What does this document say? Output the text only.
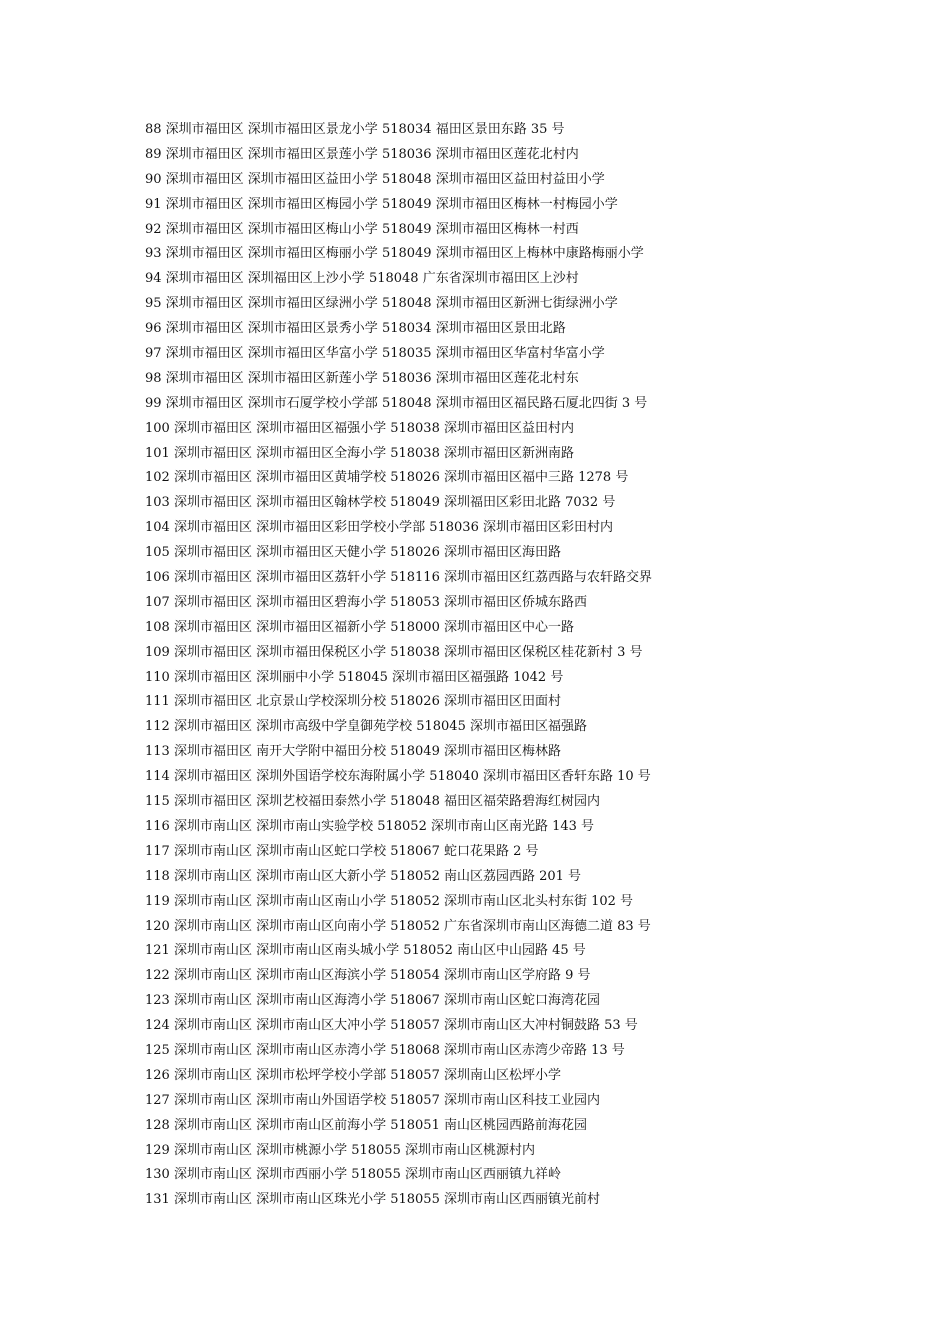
88 深圳市福田区 深圳市福田区景龙小学 518034 福田区景田东路 35 号
89 深圳市福田区 深圳市福田区景莲小学 518036 深圳市福田区莲花北村内
90 深圳市福田区 深圳市福田区益田小学 518048 深圳市福田区益田村益田小学
91 深圳市福田区 深圳市福田区梅园小学 518049 深圳市福田区梅林一村梅园小学
92 深圳市福田区 深圳市福田区梅山小学 518049 深圳市福田区梅林一村西
93 深圳市福田区 深圳市福田区梅丽小学 518049 深圳市福田区上梅林中康路梅丽小学
94 深圳市福田区 深圳福田区上沙小学 518048 广东省深圳市福田区上沙村
95 深圳市福田区 深圳市福田区绿洲小学 518048 深圳市福田区新洲七街绿洲小学
96 深圳市福田区 深圳市福田区景秀小学 518034 深圳市福田区景田北路
97 深圳市福田区 深圳市福田区华富小学 518035 深圳市福田区华富村华富小学
98 深圳市福田区 深圳市福田区新莲小学 518036 深圳市福田区莲花北村东
99 深圳市福田区 深圳市石厦学校小学部 518048 深圳市福田区福民路石厦北四街 3 号
100 深圳市福田区 深圳市福田区福强小学 518038 深圳市福田区益田村内
101 深圳市福田区 深圳市福田区全海小学 518038 深圳市福田区新洲南路
102 深圳市福田区 深圳市福田区黄埔学校 518026 深圳市福田区福中三路 1278 号
103 深圳市福田区 深圳市福田区翰林学校 518049 深圳福田区彩田北路 7032 号
104 深圳市福田区 深圳市福田区彩田学校小学部 518036 深圳市福田区彩田村内
105 深圳市福田区 深圳市福田区天健小学 518026 深圳市福田区海田路
106 深圳市福田区 深圳市福田区荔轩小学 518116 深圳市福田区红荔西路与农轩路交界
107 深圳市福田区 深圳市福田区碧海小学 518053 深圳市福田区侨城东路西
108 深圳市福田区 深圳市福田区福新小学 518000 深圳市福田区中心一路
109 深圳市福田区 深圳市福田保税区小学 518038 深圳市福田区保税区桂花新村 3 号
110 深圳市福田区 深圳丽中小学 518045 深圳市福田区福强路 1042 号
111 深圳市福田区 北京景山学校深圳分校 518026 深圳市福田区田面村
112 深圳市福田区 深圳市高级中学皇御苑学校 518045 深圳市福田区福强路
113 深圳市福田区 南开大学附中福田分校 518049 深圳市福田区梅林路
114 深圳市福田区 深圳外国语学校东海附属小学 518040 深圳市福田区香轩东路 10 号
115 深圳市福田区 深圳艺校福田泰然小学 518048 福田区福荣路碧海红树园内
116 深圳市南山区 深圳市南山实验学校 518052 深圳市南山区南光路 143 号
117 深圳市南山区 深圳市南山区蛇口学校 518067 蛇口花果路 2 号
118 深圳市南山区 深圳市南山区大新小学 518052 南山区荔园西路 201 号
119 深圳市南山区 深圳市南山区南山小学 518052 深圳市南山区北头村东街 102 号
120 深圳市南山区 深圳市南山区向南小学 518052 广东省深圳市南山区海德二道 83 号
121 深圳市南山区 深圳市南山区南头城小学 518052 南山区中山园路 45 号
122 深圳市南山区 深圳市南山区海滨小学 518054 深圳市南山区学府路 9 号
123 深圳市南山区 深圳市南山区海湾小学 518067 深圳市南山区蛇口海湾花园
124 深圳市南山区 深圳市南山区大冲小学 518057 深圳市南山区大冲村铜鼓路 53 号
125 深圳市南山区 深圳市南山区赤湾小学 518068 深圳市南山区赤湾少帝路 13 号
126 深圳市南山区 深圳市松坪学校小学部 518057 深圳南山区松坪小学
127 深圳市南山区 深圳市南山外国语学校 518057 深圳市南山区科技工业园内
128 深圳市南山区 深圳市南山区前海小学 518051 南山区桃园西路前海花园
129 深圳市南山区 深圳市桃源小学 518055 深圳市南山区桃源村内
130 深圳市南山区 深圳市西丽小学 518055 深圳市南山区西丽镇九祥岭
131 深圳市南山区 深圳市南山区珠光小学 518055 深圳市南山区西丽镇光前村
